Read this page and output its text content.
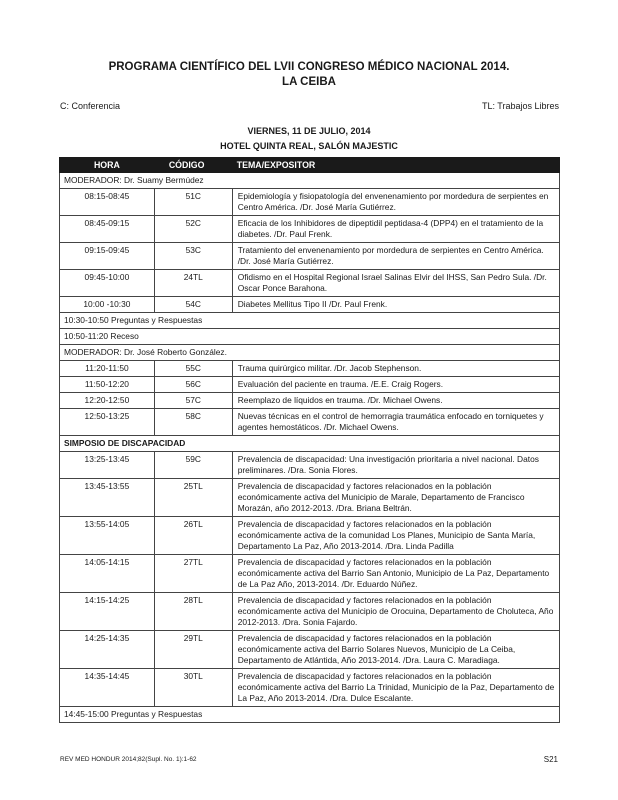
PROGRAMA CIENTÍFICO DEL LVII CONGRESO MÉDICO NACIONAL 2014.
LA CEIBA
C: Conferencia	TL: Trabajos Libres
VIERNES, 11 DE JULIO, 2014
HOTEL QUINTA REAL, SALÓN MAJESTIC
HORA	CÓDIGO	TEMA/EXPOSITOR
MODERADOR: Dr. Suamy Bermúdez		
08:15-08:45	51C	Epidemiología y fisiopatología del envenenamiento por mordedura de serpientes en Centro América. /Dr. José María Gutiérrez.
08:45-09:15	52C	Eficacia de los Inhibidores de dipeptidil peptidasa-4 (DPP4) en el tratamiento de la diabetes. /Dr. Paul Frenk.
09:15-09:45	53C	Tratamiento del envenenamiento por mordedura de serpientes en Centro América. /Dr. José María Gutiérrez.
09:45-10:00	24TL	Ofidismo en el Hospital Regional Israel Salinas Elvir del IHSS, San Pedro Sula. /Dr. Oscar Ponce Barahona.
10:00 -10:30	54C	Diabetes Mellitus Tipo II /Dr. Paul Frenk.
10:30-10:50 Preguntas y Respuestas		
10:50-11:20 Receso		
MODERADOR: Dr. José Roberto González.		
11:20-11:50	55C	Trauma quirúrgico militar. /Dr. Jacob Stephenson.
11:50-12:20	56C	Evaluación del paciente en trauma. /E.E. Craig Rogers.
12:20-12:50	57C	Reemplazo de líquidos en trauma. /Dr. Michael Owens.
12:50-13:25	58C	Nuevas técnicas en el control de hemorragia traumática enfocado en torniquetes y agentes hemostáticos. /Dr. Michael Owens.
SIMPOSIO DE DISCAPACIDAD		
13:25-13:45	59C	Prevalencia de discapacidad: Una investigación prioritaria a nivel nacional. Datos preliminares. /Dra. Sonia Flores.
13:45-13:55	25TL	Prevalencia de discapacidad y factores relacionados en la población económicamente activa del Municipio de Marale, Departamento de Francisco Morazán, año 2012-2013. /Dra. Briana Beltrán.
13:55-14:05	26TL	Prevalencia de discapacidad y factores relacionados en la población económicamente activa de la comunidad Los Planes, Municipio de Santa María, Departamento La Paz, Año 2013-2014. /Dra. Linda Padilla
14:05-14:15	27TL	Prevalencia de discapacidad y factores relacionados en la población económicamente activa del Barrio San Antonio, Municipio de La Paz, Departamento de La Paz Año, 2013-2014. /Dr. Eduardo Núñez.
14:15-14:25	28TL	Prevalencia de discapacidad y factores relacionados en la población económicamente activa del Municipio de Orocuina, Departamento de Choluteca, Año 2012-2013. /Dra. Sonia Fajardo.
14:25-14:35	29TL	Prevalencia de discapacidad y factores relacionados en la población económicamente activa del Barrio Solares Nuevos, Municipio de La Ceiba, Departamento de Atlántida, Año 2013-2014. /Dra. Laura C. Maradiaga.
14:35-14:45	30TL	Prevalencia de discapacidad y factores relacionados en la población económicamente activa del Barrio La Trinidad, Municipio de la Paz, Departamento de La Paz, Año 2013-2014. /Dra. Dulce Escalante.
14:45-15:00 Preguntas y Respuestas		
REV MED HONDUR 2014;82(Supl. No. 1):1-62	S21
